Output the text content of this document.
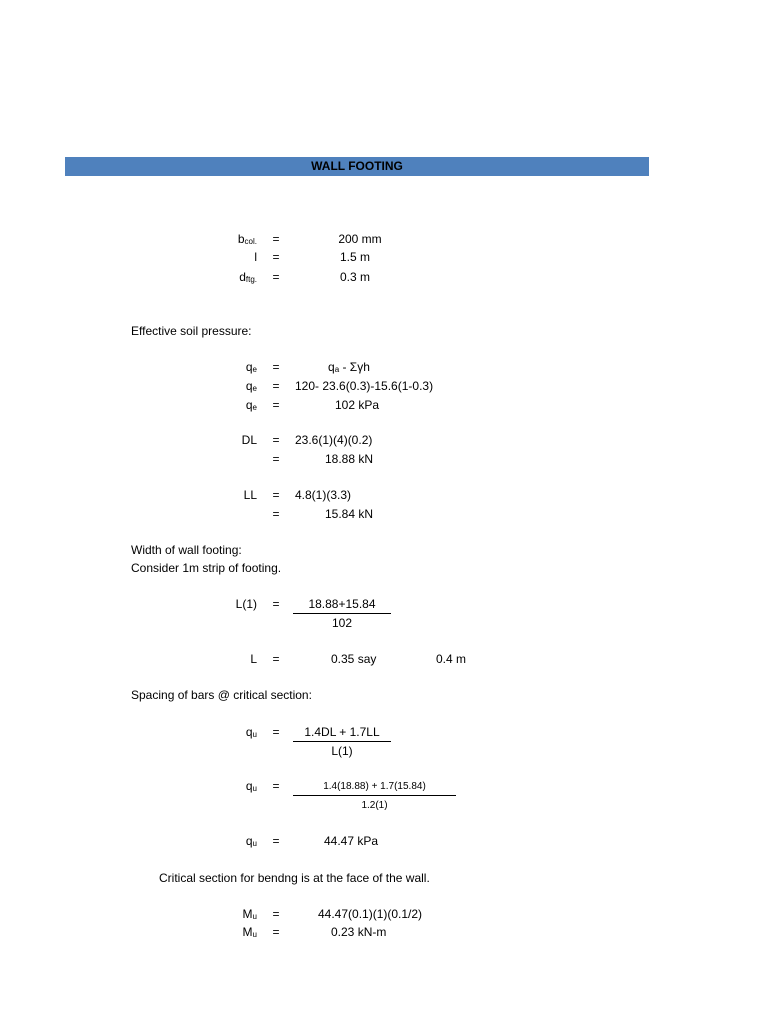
WALL FOOTING
bcol. =	200 mm
l =	1.5 m
dftg. =	0.3 m
Effective soil pressure:
qe =	qa - Σγh
qe = 120- 23.6(0.3)-15.6(1-0.3)
qe =	102 kPa
DL = 23.6(1)(4)(0.2)
=	18.88 kN
LL = 4.8(1)(3.3)
=	15.84 kN
Width of wall footing:
Consider 1m strip of footing.
L(1) =	18.88+15.84
102
L =	0.35 say	0.4 m
Spacing of bars @ critical section:
qu =	1.4DL + 1.7LL
L(1)
qu =	1.4(18.88) + 1.7(15.84)
1.2(1)
qu =	44.47 kPa
Critical section for bendng is at the face of the wall.
Mu =	44.47(0.1)(1)(0.1/2)
Mu =	0.23 kN-m
